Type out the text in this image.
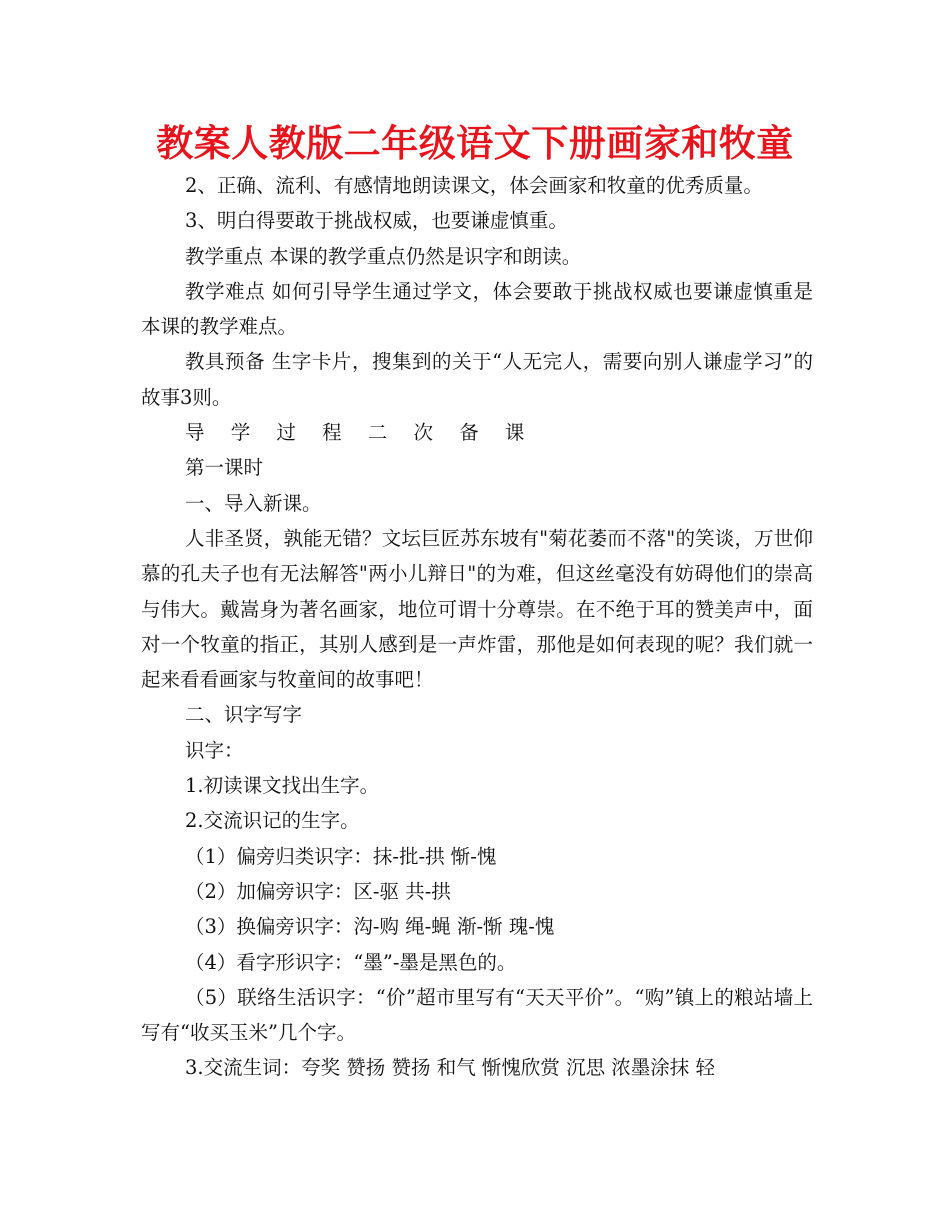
教案人教版二年级语文下册画家和牧童

2、正确、流利、有感情地朗读课文，体会画家和牧童的优秀质量。

3、明白得要敢于挑战权威，也要谦虚慎重。

教学重点 本课的教学重点仍然是识字和朗读。

教学难点 如何引导学生通过学文，体会要敢于挑战权威也要谦虚慎重是本课的教学难点。

教具预备 生字卡片，搜集到的关于“人无完人，需要向别人谦虚学习”的故事3则。

导 学 过 程 二 次 备 课

第一课时

一、导入新课。

人非圣贤，孰能无错？文坛巨匠苏东坡有"菊花萎而不落"的笑谈，万世仰慕的孔夫子也有无法解答"两小儿辩日"的为难，但这丝毫没有妨碍他们的崇高与伟大。戴嵩身为著名画家，地位可谓十分尊崇。在不绝于耳的赞美声中，面对一个牧童的指正，其别人感到是一声炸雷，那他是如何表现的呢？我们就一起来看看画家与牧童间的故事吧！

二、识字写字

识字：

1.初读课文找出生字。

2.交流识记的生字。

（1）偏旁归类识字：抹-批-拱 惭-愧

（2）加偏旁识字：区-驱 共-拱

（3）换偏旁识字：沟-购 绳-蝇 渐-惭 瑰-愧

（4）看字形识字：“墨”-墨是黑色的。

（5）联络生活识字：“价”超市里写有“天天平价”。“购”镇上的粮站墙上写有“收买玉米”几个字。

3.交流生词：夸奖 赞扬 赞扬 和气 惭愧欣赏 沉思 浓墨涂抹 轻
